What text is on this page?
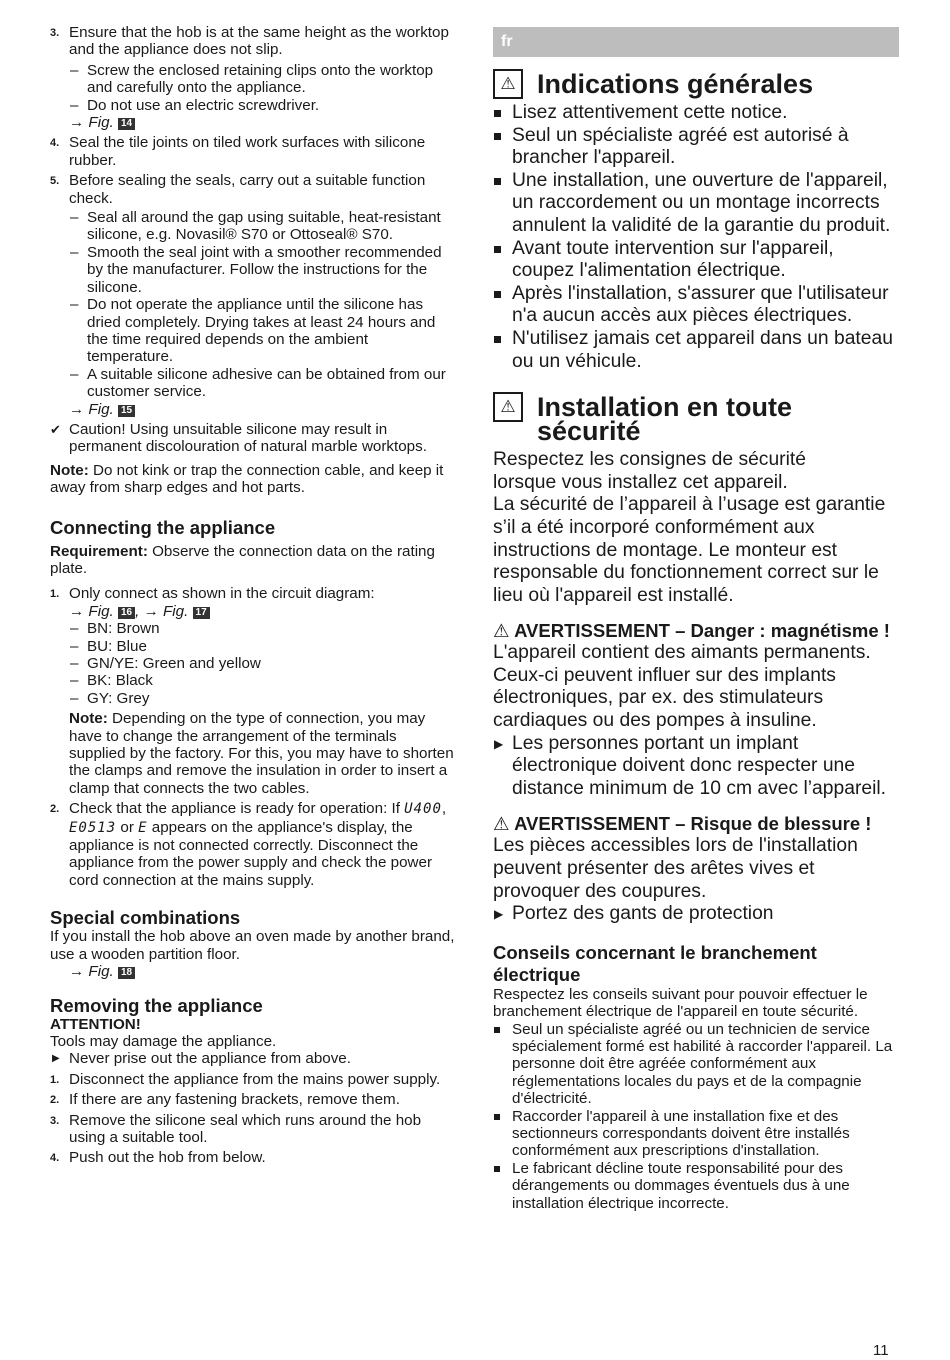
3. Ensure that the hob is at the same height as the worktop and the appliance does not slip.
– Screw the enclosed retaining clips onto the worktop and carefully onto the appliance.
– Do not use an electric screwdriver.
→ Fig. 14
4. Seal the tile joints on tiled work surfaces with silicone rubber.
5. Before sealing the seals, carry out a suitable function check.
– Seal all around the gap using suitable, heat-resistant silicone, e.g. Novasil® S70 or Ottoseal® S70.
– Smooth the seal joint with a smoother recommended by the manufacturer. Follow the instructions for the silicone.
– Do not operate the appliance until the silicone has dried completely. Drying takes at least 24 hours and the time required depends on the ambient temperature.
– A suitable silicone adhesive can be obtained from our customer service.
→ Fig. 15
✔ Caution! Using unsuitable silicone may result in permanent discolouration of natural marble worktops.

Note: Do not kink or trap the connection cable, and keep it away from sharp edges and hot parts.

Connecting the appliance

Requirement: Observe the connection data on the rating plate.

1. Only connect as shown in the circuit diagram:
→ Fig. 16 , → Fig. 17
– BN: Brown
– BU: Blue
– GN/YE: Green and yellow
– BK: Black
– GY: Grey

Note: Depending on the type of connection, you may have to change the arrangement of the terminals supplied by the factory. For this, you may have to shorten the clamps and remove the insulation in order to insert a clamp that connects the two cables.

2. Check that the appliance is ready for operation: If U400, E0513 or E appears on the appliance's display, the appliance is not connected correctly. Disconnect the appliance from the power supply and check the power cord connection at the mains supply.
Special combinations

If you install the hob above an oven made by another brand, use a wooden partition floor.

→ Fig. 18
Removing the appliance

ATTENTION!

Tools may damage the appliance.

▶ Never prise out the appliance from above.
1. Disconnect the appliance from the mains power supply.
2. If there are any fastening brackets, remove them.
3. Remove the silicone seal which runs around the hob using a suitable tool.
4. Push out the hob from below.
fr
⚠ Indications générales
Lisez attentivement cette notice.
Seul un spécialiste agréé est autorisé à brancher l'appareil.
Une installation, une ouverture de l'appareil, un raccordement ou un montage incorrects annulent la validité de la garantie du produit.
Avant toute intervention sur l'appareil, coupez l'alimentation électrique.
Après l'installation, s'assurer que l'utilisateur n'a aucun accès aux pièces électriques.
N'utilisez jamais cet appareil dans un bateau ou un véhicule.
⚠ Installation en toute sécurité

Respectez les consignes de sécurité lorsque vous installez cet appareil.

La sécurité de l’appareil à l’usage est garantie s’il a été incorporé conformément aux instructions de montage. Le monteur est responsable du fonctionnement correct sur le lieu où l'appareil est installé.

⚠ AVERTISSEMENT – Danger : magnétisme !

L'appareil contient des aimants permanents. Ceux-ci peuvent influer sur des implants électroniques, par ex. des stimulateurs cardiaques ou des pompes à insuline.

▶ Les personnes portant un implant électronique doivent donc respecter une distance minimum de 10 cm avec l’appareil.
⚠ AVERTISSEMENT – Risque de blessure !

Les pièces accessibles lors de l'installation peuvent présenter des arêtes vives et provoquer des coupures.

▶ Portez des gants de protection
Conseils concernant le branchement électrique

Respectez les conseils suivant pour pouvoir effectuer le branchement électrique de l'appareil en toute sécurité.

Seul un spécialiste agréé ou un technicien de service spécialement formé est habilité à raccorder l'appareil. La personne doit être agréée conformément aux réglementations locales du pays et de la compagnie d'électricité.
Raccorder l'appareil à une installation fixe et des sectionneurs correspondants doivent être installés conformément aux prescriptions d'installation.
Le fabricant décline toute responsabilité pour des dérangements ou dommages éventuels dus à une installation électrique incorrecte.
11
